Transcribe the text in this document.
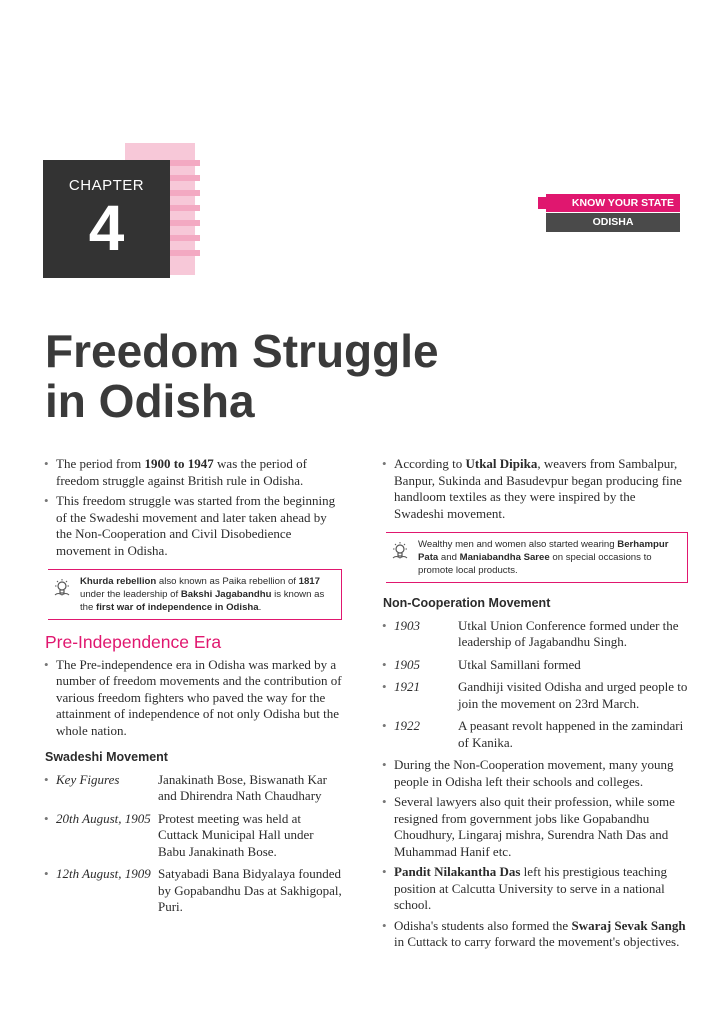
CHAPTER
4	KNOW YOUR STATE
ODISHA
Freedom Struggle
in Odisha

• The period from 1900 to 1947 was the period of freedom struggle against British rule in Odisha.

• This freedom struggle was started from the beginning of the Swadeshi movement and later taken ahead by the Non-Cooperation and Civil Disobedience movement in Odisha.

Khurda rebellion also known as Paika rebellion of 1817 under the leadership of Bakshi Jagabandhu is known as the first war of independence in Odisha.
Pre-Independence Era

• The Pre-independence era in Odisha was marked by a number of freedom movements and the contribution of various freedom fighters who paved the way for the attainment of independence of not only Odisha but the whole nation.

Swadeshi Movement
• Key Figures	Janakinath Bose, Biswanath Kar and Dhirendra Nath Chaudhary
• 20th August, 1905 Protest meeting was held at Cuttack Municipal Hall under Babu Janakinath Bose.
• 12th August, 1909 Satyabadi Bana Bidyalaya founded by Gopabandhu Das at Sakhigopal, Puri.

• According to Utkal Dipika, weavers from Sambalpur, Banpur, Sukinda and Basudevpur began producing fine handloom textiles as they were inspired by the Swadeshi movement.

Wealthy men and women also started wearing Berhampur Pata and Maniabandha Saree on special occasions to promote local products.
Non-Cooperation Movement
• 1903	Utkal Union Conference formed under the leadership of Jagabandhu Singh.
• 1905	Utkal Samillani formed
• 1921	Gandhiji visited Odisha and urged people to join the movement on 23rd March.
• 1922	A peasant revolt happened in the zamindari of Kanika.

• During the Non-Cooperation movement, many young people in Odisha left their schools and colleges.

• Several lawyers also quit their profession, while some resigned from government jobs like Gopabandhu Choudhury, Lingaraj mishra, Surendra Nath Das and Muhammad Hanif etc.

• Pandit Nilakantha Das left his prestigious teaching position at Calcutta University to serve in a national school.

• Odisha's students also formed the Swaraj Sevak Sangh in Cuttack to carry forward the movement's objectives.
